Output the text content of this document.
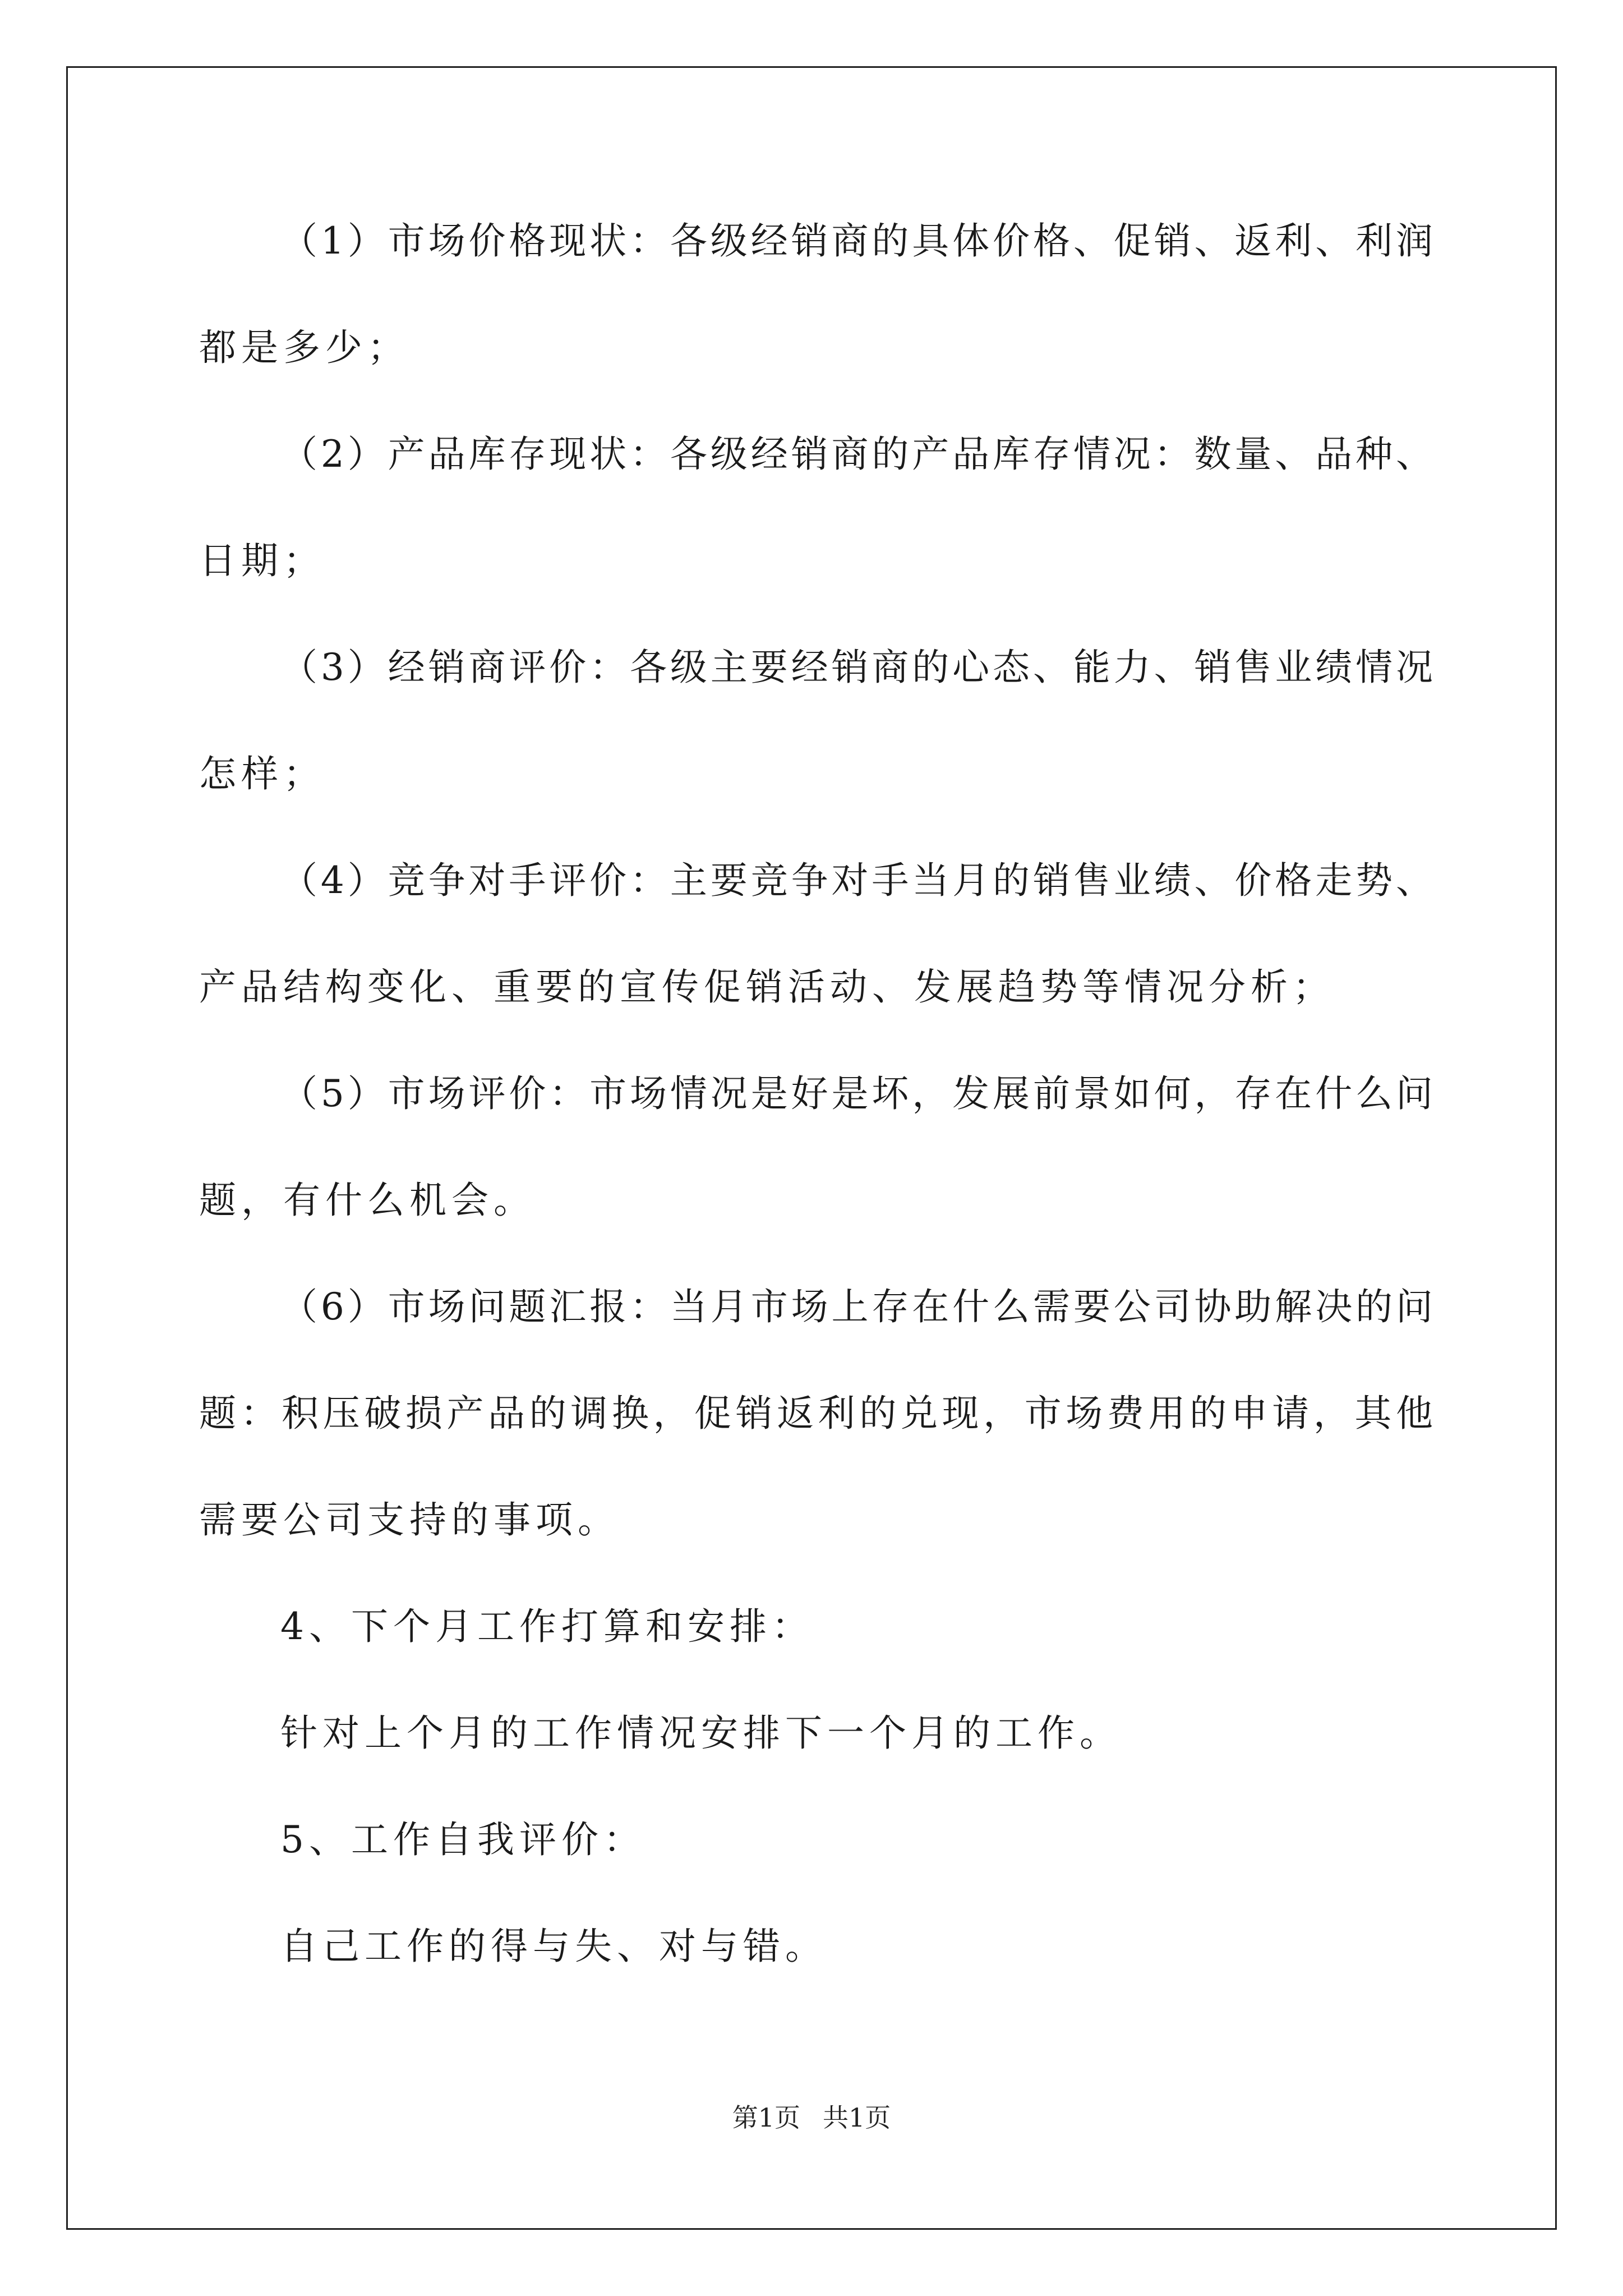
（1）市场价格现状：各级经销商的具体价格、促销、返利、利润
都是多少；
（2）产品库存现状：各级经销商的产品库存情况：数量、品种、
日期；
（3）经销商评价：各级主要经销商的心态、能力、销售业绩情况
怎样；
（4）竞争对手评价：主要竞争对手当月的销售业绩、价格走势、
产品结构变化、重要的宣传促销活动、发展趋势等情况分析；
（5）市场评价：市场情况是好是坏，发展前景如何，存在什么问
题，有什么机会。
（6）市场问题汇报：当月市场上存在什么需要公司协助解决的问
题：积压破损产品的调换，促销返利的兑现，市场费用的申请，其他
需要公司支持的事项。
4、下个月工作打算和安排：
针对上个月的工作情况安排下一个月的工作。
5、工作自我评价：
自己工作的得与失、对与错。
第1页 共1页
